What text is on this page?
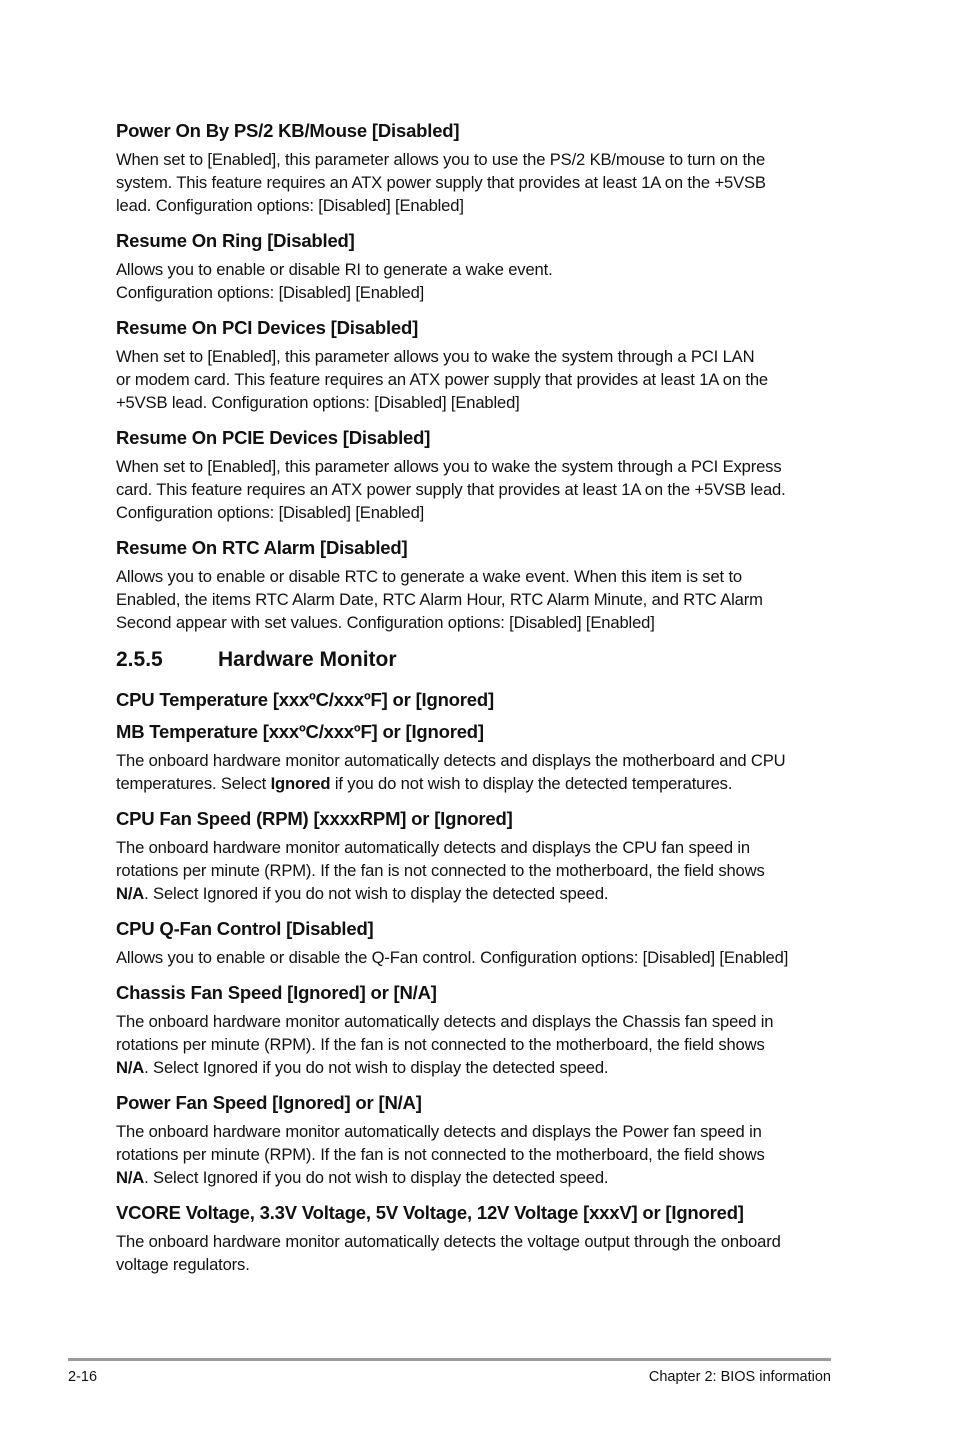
Power On By PS/2 KB/Mouse [Disabled]

When set to [Enabled], this parameter allows you to use the PS/2 KB/mouse to turn on the
system. This feature requires an ATX power supply that provides at least 1A on the +5VSB
lead. Configuration options: [Disabled] [Enabled]

Resume On Ring [Disabled]

Allows you to enable or disable RI to generate a wake event.
Configuration options: [Disabled] [Enabled]

Resume On PCI Devices [Disabled]

When set to [Enabled], this parameter allows you to wake the system through a PCI LAN
or modem card. This feature requires an ATX power supply that provides at least 1A on the
+5VSB lead. Configuration options: [Disabled] [Enabled]

Resume On PCIE Devices [Disabled]

When set to [Enabled], this parameter allows you to wake the system through a PCI Express
card. This feature requires an ATX power supply that provides at least 1A on the +5VSB lead.
Configuration options: [Disabled] [Enabled]

Resume On RTC Alarm [Disabled]

Allows you to enable or disable RTC to generate a wake event. When this item is set to
Enabled, the items RTC Alarm Date, RTC Alarm Hour, RTC Alarm Minute, and RTC Alarm
Second appear with set values. Configuration options: [Disabled] [Enabled]

2.5.5	Hardware Monitor

CPU Temperature [xxxºC/xxxºF] or [Ignored]

MB Temperature [xxxºC/xxxºF] or [Ignored]

The onboard hardware monitor automatically detects and displays the motherboard and CPU
temperatures. Select Ignored if you do not wish to display the detected temperatures.

CPU Fan Speed (RPM) [xxxxRPM] or [Ignored]

The onboard hardware monitor automatically detects and displays the CPU fan speed in
rotations per minute (RPM). If the fan is not connected to the motherboard, the field shows
N/A. Select Ignored if you do not wish to display the detected speed.

CPU Q-Fan Control [Disabled]

Allows you to enable or disable the Q-Fan control. Configuration options: [Disabled] [Enabled]

Chassis Fan Speed [Ignored] or [N/A]

The onboard hardware monitor automatically detects and displays the Chassis fan speed in
rotations per minute (RPM). If the fan is not connected to the motherboard, the field shows
N/A. Select Ignored if you do not wish to display the detected speed.

Power Fan Speed [Ignored] or [N/A]

The onboard hardware monitor automatically detects and displays the Power fan speed in
rotations per minute (RPM). If the fan is not connected to the motherboard, the field shows
N/A. Select Ignored if you do not wish to display the detected speed.

VCORE Voltage, 3.3V Voltage, 5V Voltage, 12V Voltage [xxxV] or [Ignored]

The onboard hardware monitor automatically detects the voltage output through the onboard
voltage regulators.

2-16	Chapter 2: BIOS information
